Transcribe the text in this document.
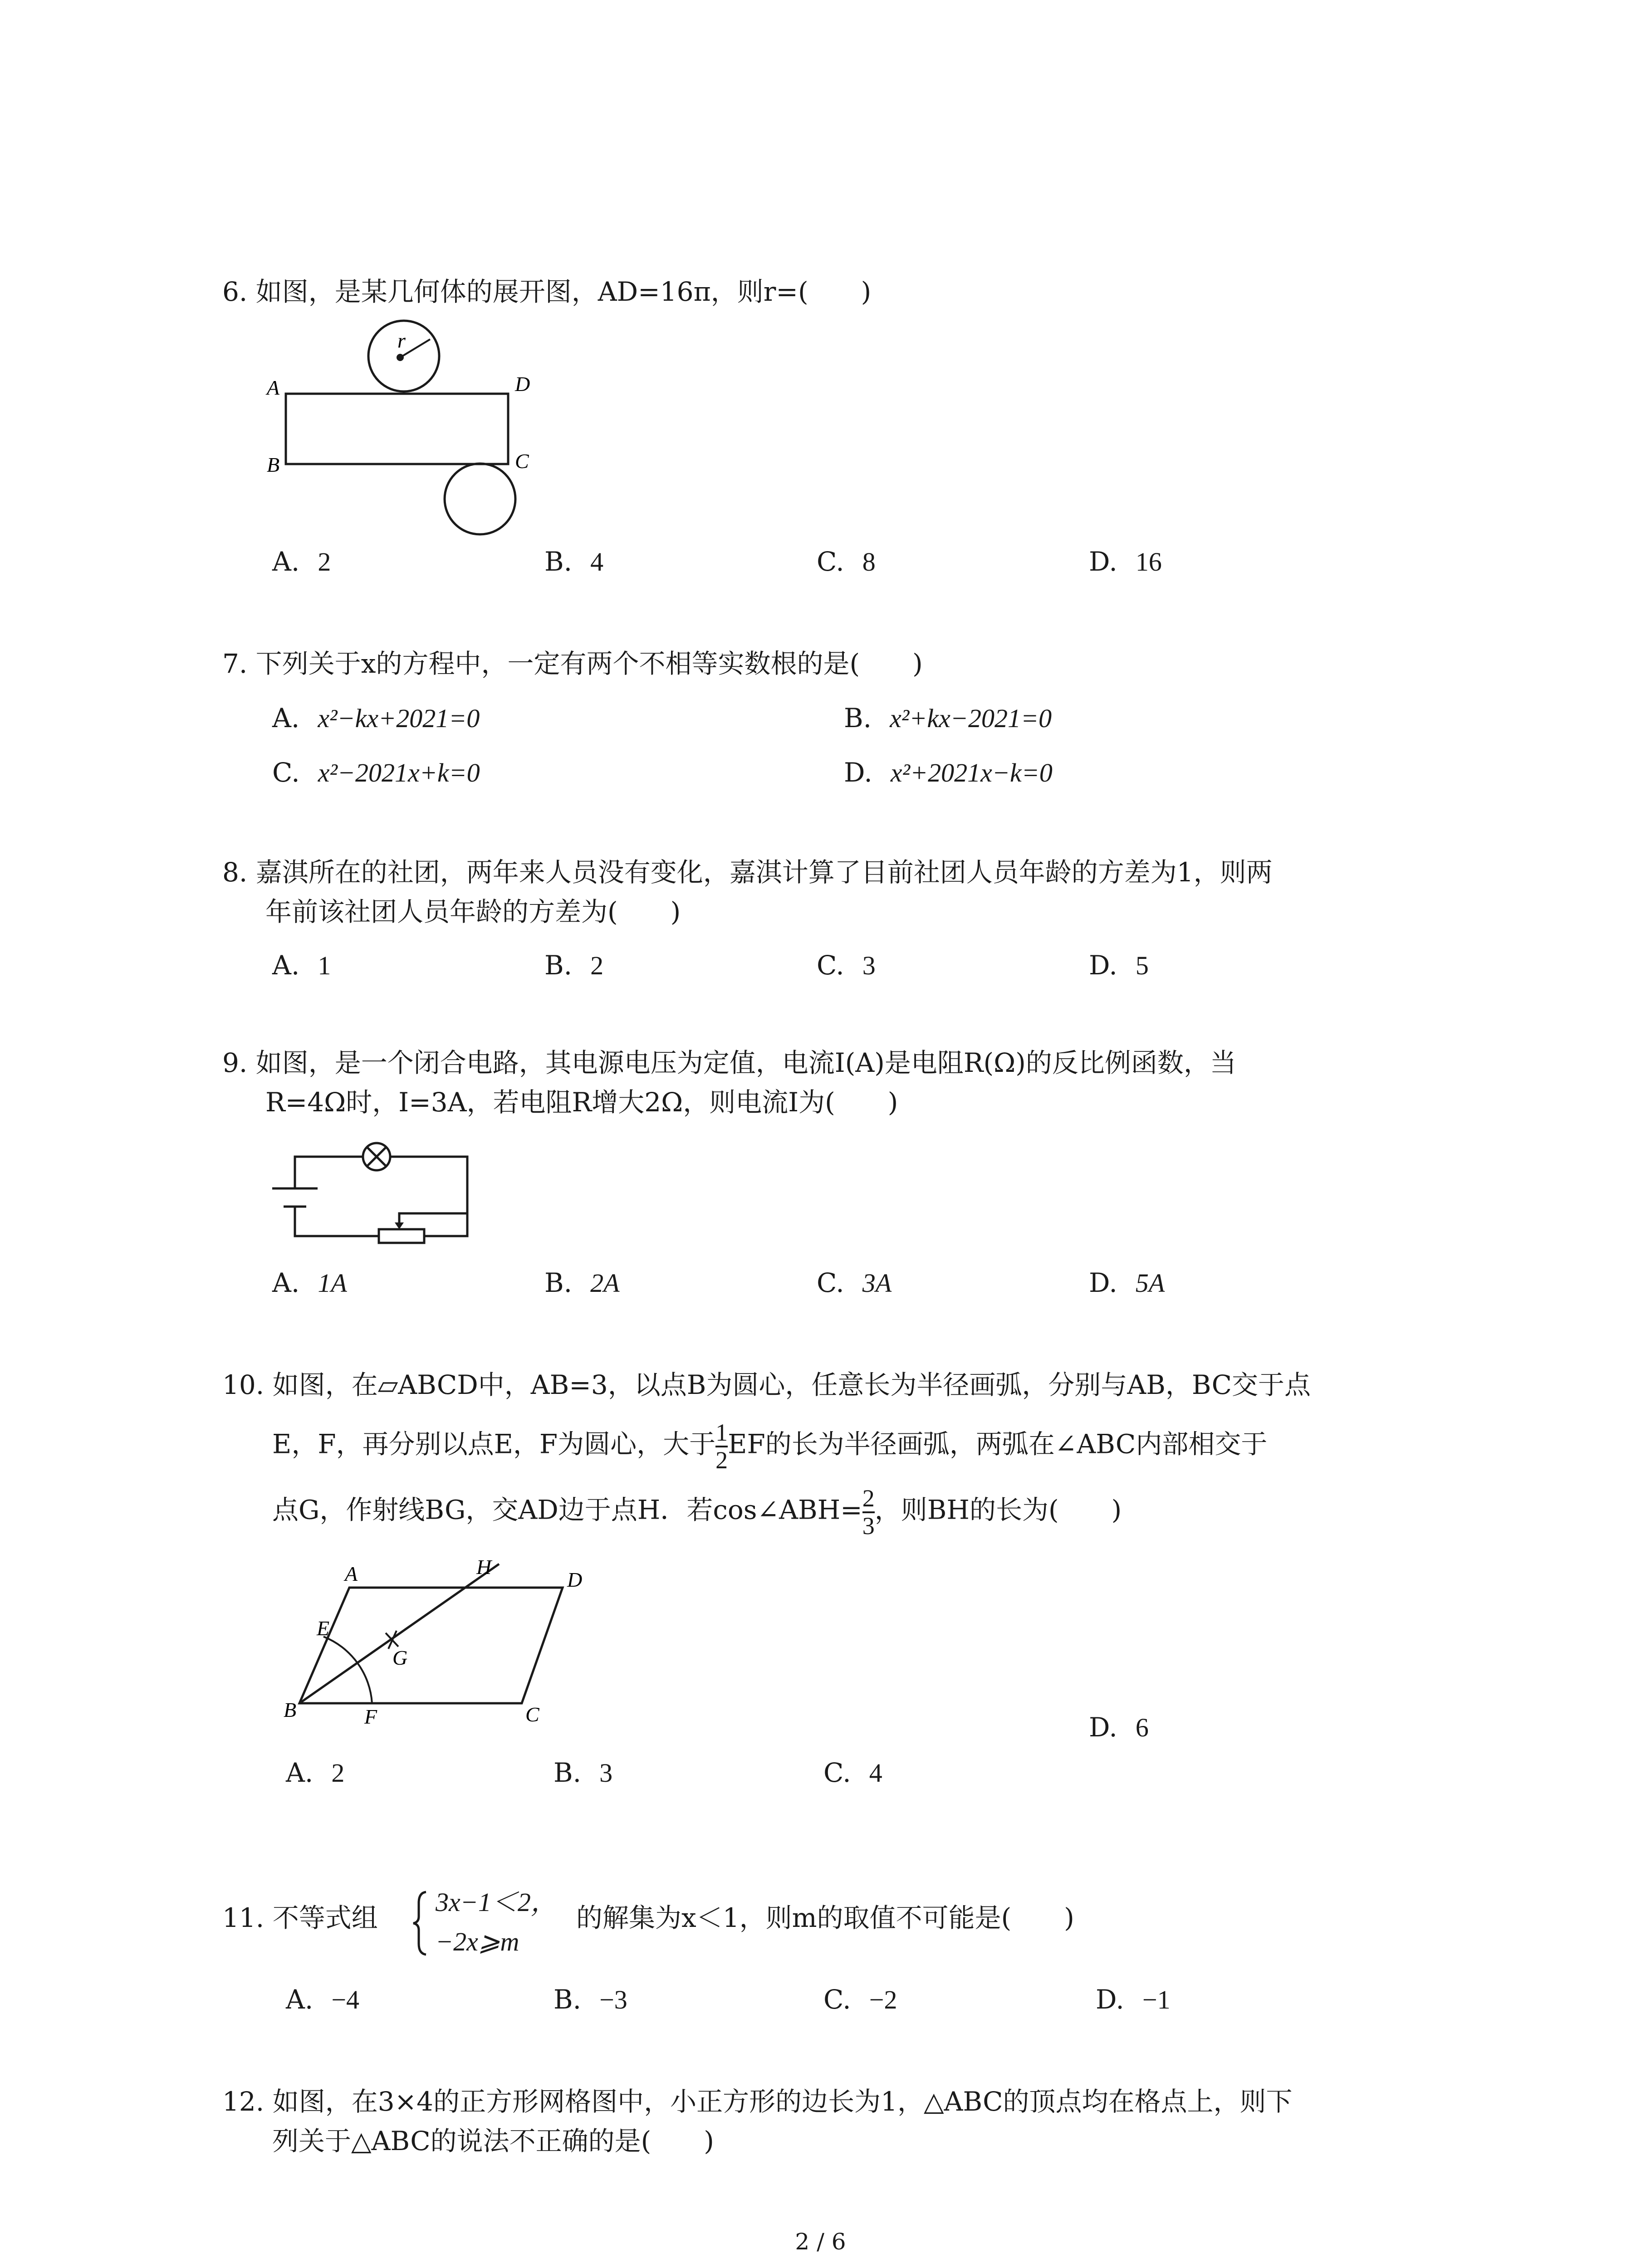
6. 如图，是某几何体的展开图，AD=16π，则r=(　　)
r
A	D
B	C
A. 2	B. 4	C. 8	D. 16
7. 下列关于x的方程中，一定有两个不相等实数根的是(　　)
A. x²−kx+2021=0	B. x²+kx−2021=0
C. x²−2021x+k=0	D. x²+2021x−k=0
8. 嘉淇所在的社团，两年来人员没有变化，嘉淇计算了目前社团人员年龄的方差为1，则两
年前该社团人员年龄的方差为(　　)
A. 1	B. 2	C. 3	D. 5
9. 如图，是一个闭合电路，其电源电压为定值，电流I(A)是电阻R(Ω)的反比例函数，当
R=4Ω时，I=3A，若电阻R增大2Ω，则电流I为(　　)
A. 1A	B. 2A	C. 3A	D. 5A
10. 如图，在▱ABCD中，AB=3，以点B为圆心，任意长为半径画弧，分别与AB，BC交于点
E，F，再分别以点E，F为圆心，大于 $\frac{1}{2}$ EF的长为半径画弧，两弧在∠ABC内部相交于
点G，作射线BG，交AD边于点H．若cos∠ABH= $\frac{2}{3}$ ，则BH的长为(　　)
A	H
D
E
G
B	F	C	D. 6
A. 2	B. 3	C. 4
11. 不等式组
3x−1＜2，
−2x⩾m
的解集为x＜1，则m的取值不可能是(　　)
A. −4	B. −3	C. −2	D. −1
12. 如图，在3×4的正方形网格图中，小正方形的边长为1，△ABC的顶点均在格点上，则下
列关于△ABC的说法不正确的是(　　)
2 / 6
